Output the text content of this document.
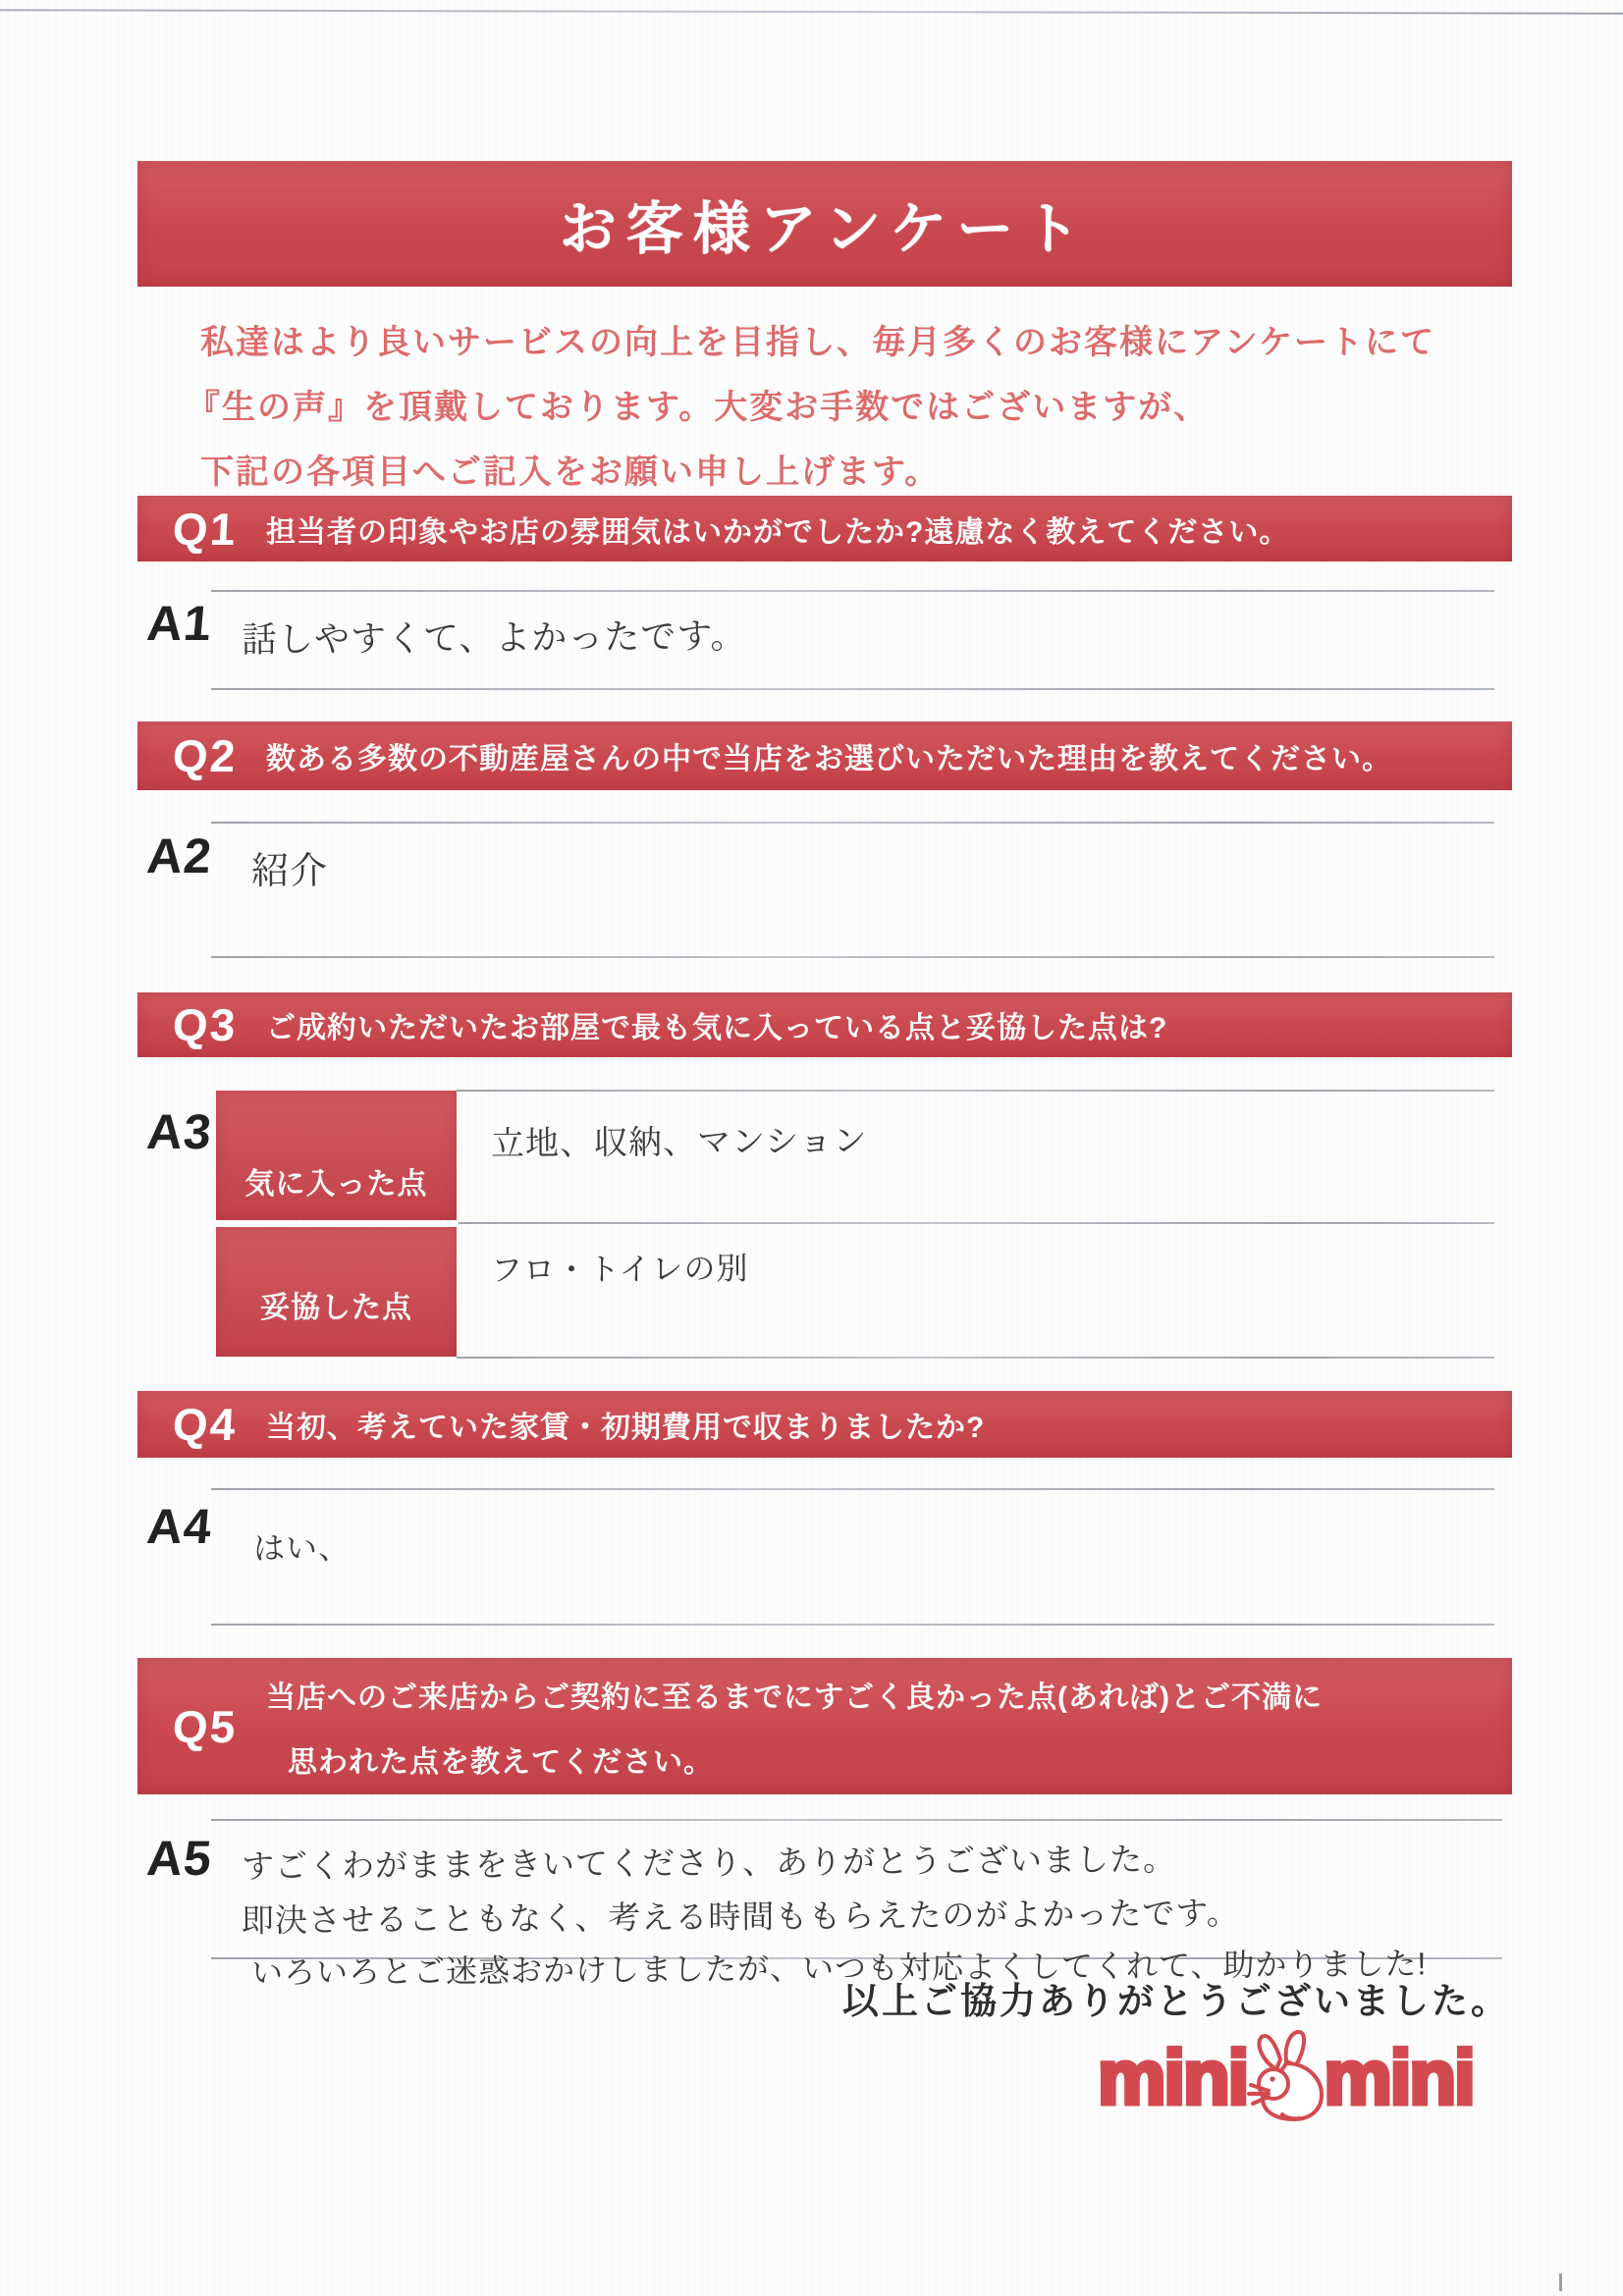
お客様アンケート
私達はより良いサービスの向上を目指し、毎月多くのお客様にアンケートにて
『生の声』を頂戴しております。大変お手数ではございますが、
下記の各項目へご記入をお願い申し上げます。
Q1 担当者の印象やお店の雰囲気はいかがでしたか?遠慮なく教えてください。
A1 話しやすくて、よかったです。
Q2 数ある多数の不動産屋さんの中で当店をお選びいただいた理由を教えてください。
A2 紹介
Q3 ご成約いただいたお部屋で最も気に入っている点と妥協した点は?
A3
気に入った点
立地、収納、マンション
妥協した点
フロ・トイレの別
Q4 当初、考えていた家賃・初期費用で収まりましたか?
A4 はい、
Q5
当店へのご来店からご契約に至るまでにすごく良かった点(あれば)とご不満に
思われた点を教えてください。
A5 すごくわがままをきいてくださり、ありがとうございました。
即決させることもなく、考える時間ももらえたのがよかったです。
いろいろとご迷惑おかけしましたが、いつも対応よくしてくれて、助かりました!
以上ご協力ありがとうございました。
mini mini
